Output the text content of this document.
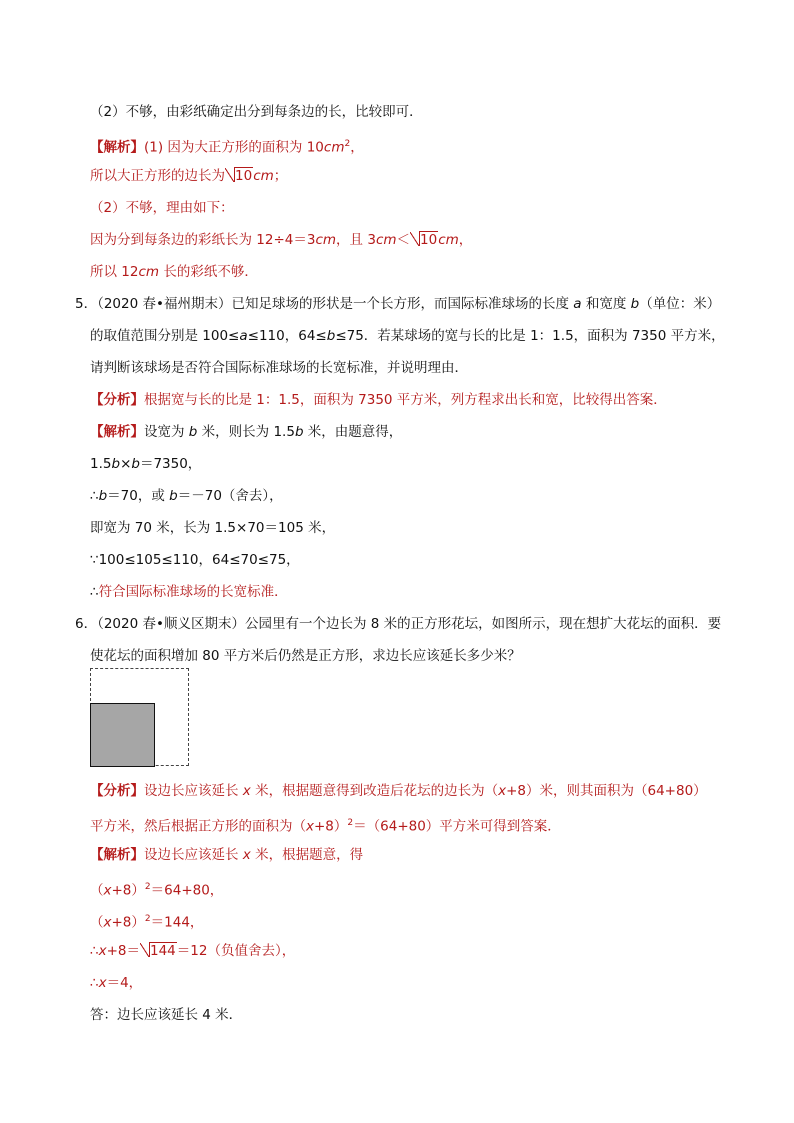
（2）不够，由彩纸确定出分到每条边的长，比较即可．
【解析】(1) 因为大正方形的面积为 $10cm^2$，
所以大正方形的边长为 10cm；
（2）不够，理由如下：
因为分到每条边的彩纸长为 12÷4＝3cm，且 3cm＜ 10cm，
所以 12cm 长的彩纸不够．
5．（2020 春•福州期末）已知足球场的形状是一个长方形，而国际标准球场的长度 a 和宽度 b（单位：米）
的取值范围分别是 100≤a≤110，64≤b≤75．若某球场的宽与长的比是 1：1.5，面积为 7350 平方米，
请判断该球场是否符合国际标准球场的长宽标准，并说明理由．
【分析】根据宽与长的比是 1：1.5，面积为 7350 平方米，列方程求出长和宽，比较得出答案．
【解析】设宽为 b 米，则长为 1.5b 米，由题意得，
1.5b×b＝7350，
∴b＝70，或 b＝－70（舍去），
即宽为 70 米，长为 1.5×70＝105 米，
∵100≤105≤110，64≤70≤75，
∴符合国际标准球场的长宽标准．
6．（2020 春•顺义区期末）公园里有一个边长为 8 米的正方形花坛，如图所示，现在想扩大花坛的面积．要
使花坛的面积增加 80 平方米后仍然是正方形，求边长应该延长多少米？
【分析】设边长应该延长 x 米，根据题意得到改造后花坛的边长为（x+8）米，则其面积为（64+80）
平方米，然后根据正方形的面积为$(x+8)^2=(64+80)$平方米可得到答案．
【解析】设边长应该延长 x 米，根据题意，得
$(x+8)^2=64+80$，
$(x+8)^2=144$，
∴x+8＝ 144＝12（负值舍去），
∴x＝4，
答：边长应该延长 4 米．
